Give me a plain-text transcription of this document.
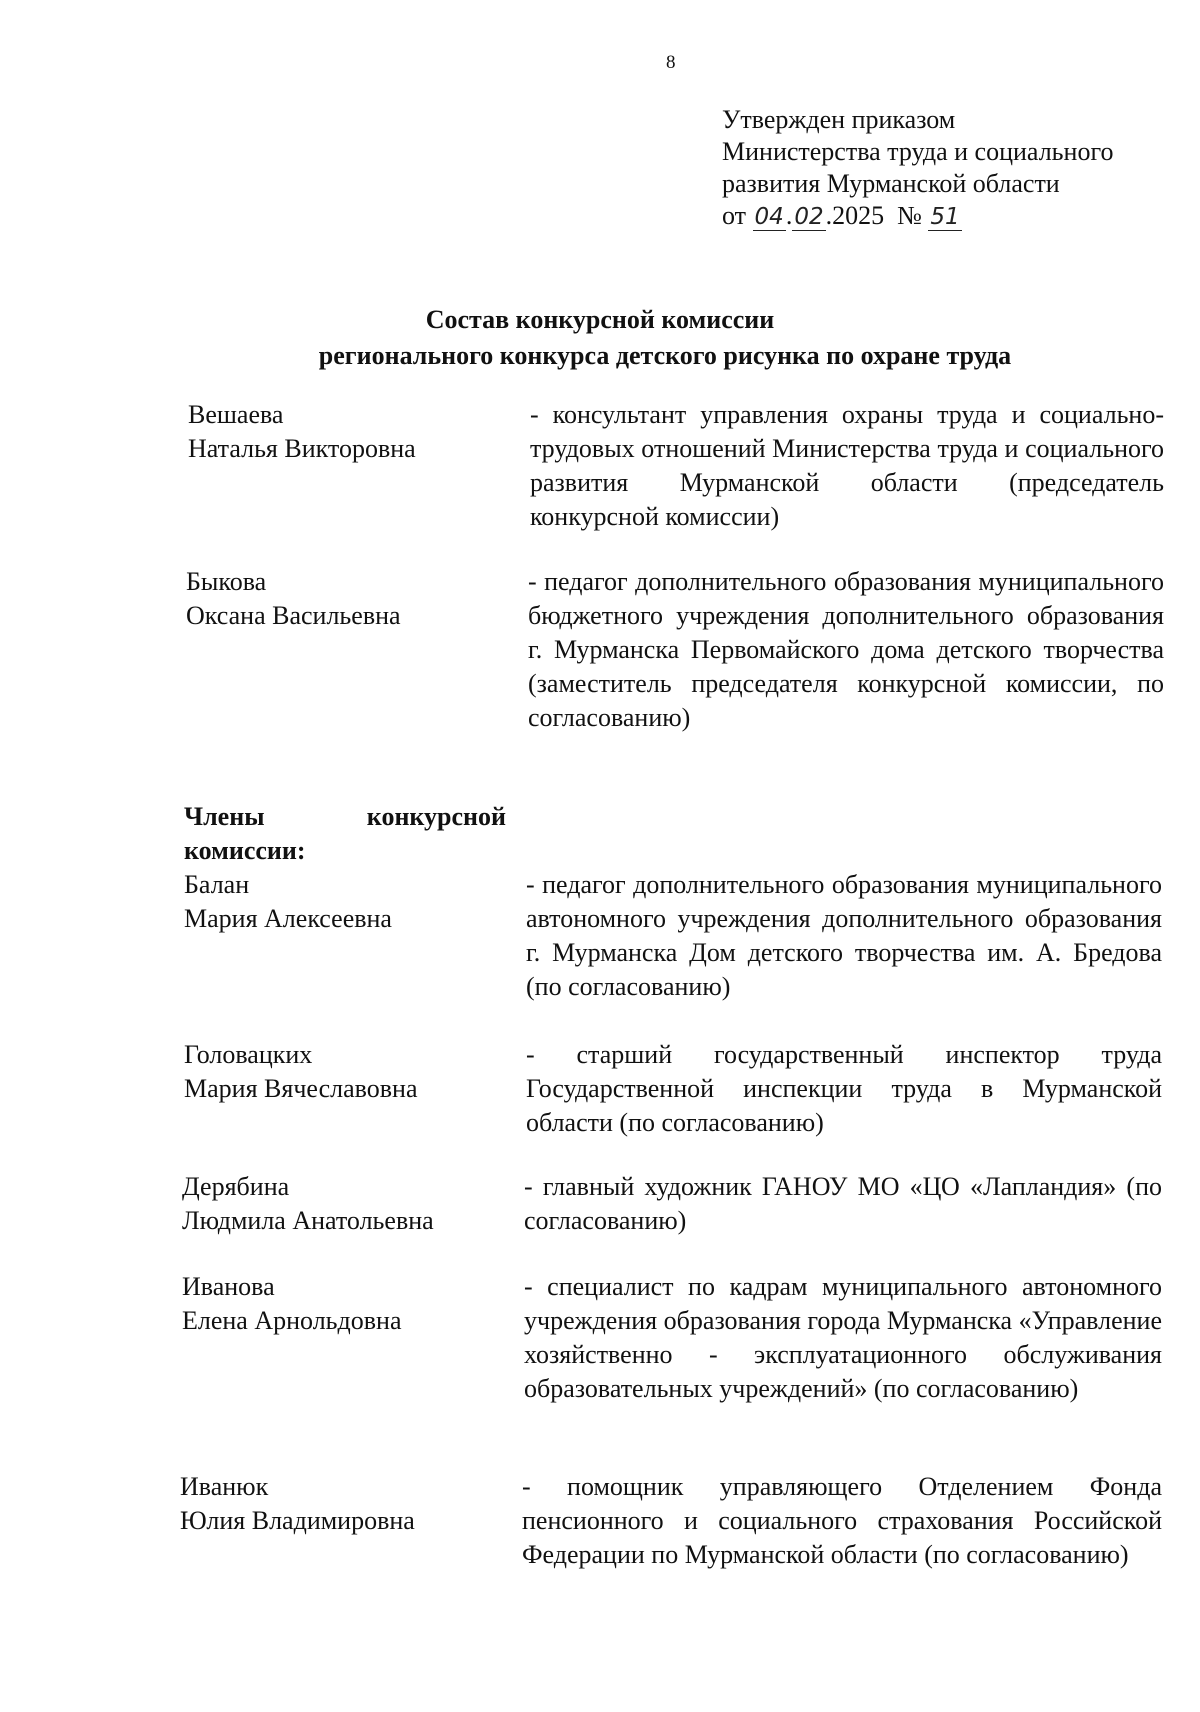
8
Утвержден приказом
Министерства труда и социального
развития Мурманской области
от 04.02.2025 № 51
Состав конкурсной комиссии
регионального конкурса детского рисунка по охране труда
Вешаева
Наталья Викторовна
- консультант управления охраны труда и социально-трудовых отношений Министерства труда и социального развития Мурманской области (председатель конкурсной комиссии)
Быкова
Оксана Васильевна
- педагог дополнительного образования муниципального бюджетного учреждения дополнительного образования г. Мурманска Первомайского дома детского творчества (заместитель председателя конкурсной комиссии, по согласованию)
Члены конкурсной комиссии:
Балан
Мария Алексеевна
- педагог дополнительного образования муниципального автономного учреждения дополнительного образования г. Мурманска Дом детского творчества им. А. Бредова (по согласованию)
Головацких
Мария Вячеславовна
- старший государственный инспектор труда Государственной инспекции труда в Мурманской области (по согласованию)
Дерябина
Людмила Анатольевна
- главный художник ГАНОУ МО «ЦО «Лапландия» (по согласованию)
Иванова
Елена Арнольдовна
- специалист по кадрам муниципального автономного учреждения образования города Мурманска «Управление хозяйственно - эксплуатационного обслуживания образовательных учреждений» (по согласованию)
Иванюк
Юлия Владимировна
- помощник управляющего Отделением Фонда пенсионного и социального страхования Российской Федерации по Мурманской области (по согласованию)
